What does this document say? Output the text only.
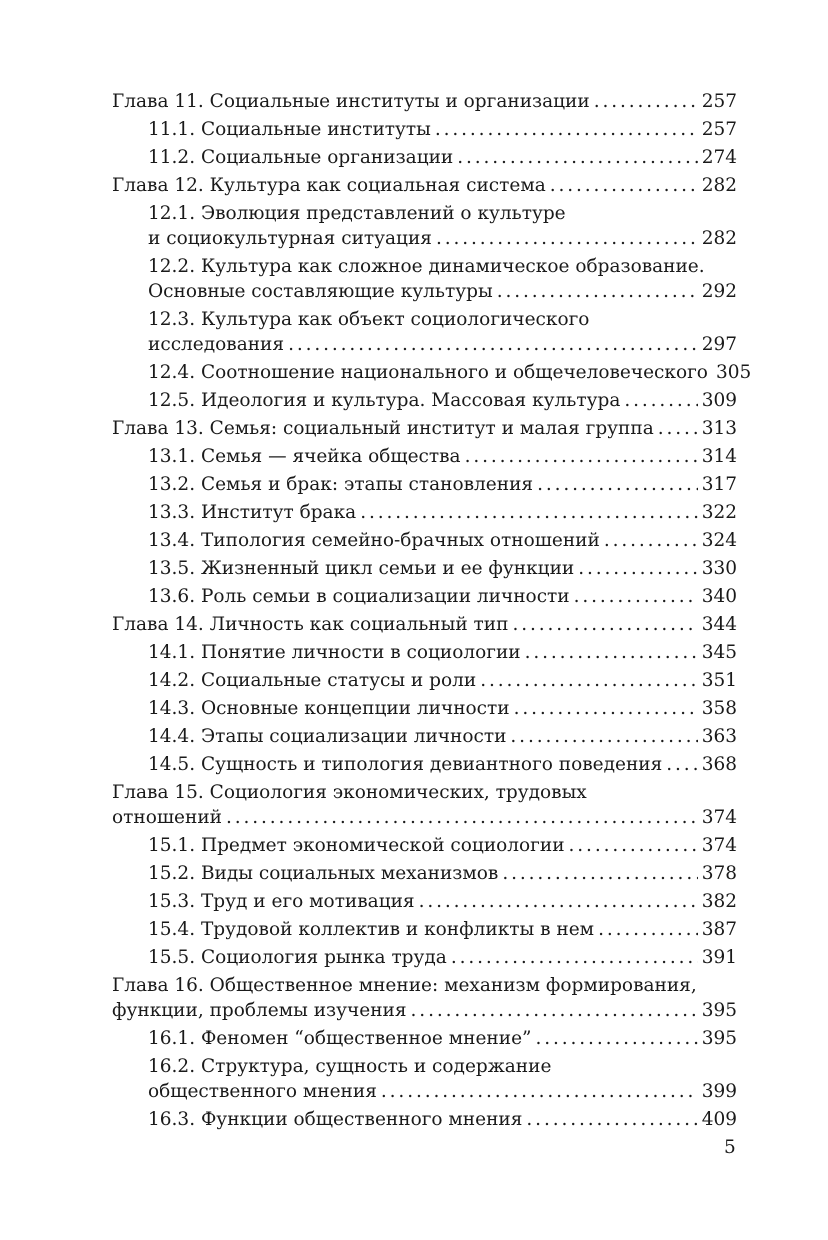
Глава 11. Социальные институты и организации . . .	257
11.1. Социальные институты . . .	257
11.2. Социальные организации . . .	274
Глава 12. Культура как социальная система . . .	282
12.1. Эволюция представлений о культуре
и социокультурная ситуация . . .	282
12.2. Культура как сложное динамическое образование.
Основные составляющие культуры . . .	292
12.3. Культура как объект социологического
исследования . . .	297
12.4. Соотношение национального и общечеловеческого 305
12.5. Идеология и культура. Массовая культура . . .	309
Глава 13. Семья: социальный институт и малая группа . . .	313
13.1. Семья — ячейка общества . . .	314
13.2. Семья и брак: этапы становления . . .	317
13.3. Институт брака . . .	322
13.4. Типология семейно-брачных отношений . . .	324
13.5. Жизненный цикл семьи и ее функции . . .	330
13.6. Роль семьи в социализации личности . . .	340
Глава 14. Личность как социальный тип . . .	344
14.1. Понятие личности в социологии . . .	345
14.2. Социальные статусы и роли . . .	351
14.3. Основные концепции личности . . .	358
14.4. Этапы социализации личности . . .	363
14.5. Сущность и типология девиантного поведения . . . 368
Глава 15. Социология экономических, трудовых
отношений . . .	374
15.1. Предмет экономической социологии . . .	374
15.2. Виды социальных механизмов . . .	378
15.3. Труд и его мотивация . . .	382
15.4. Трудовой коллектив и конфликты в нем . . .	387
15.5. Социология рынка труда . . .	391
Глава 16. Общественное мнение: механизм формирования,
функции, проблемы изучения . . .	395
16.1. Феномен “общественное мнение” . . .	395
16.2. Структура, сущность и содержание
общественного мнения . . .	399
16.3. Функции общественного мнения . . .	409
5
